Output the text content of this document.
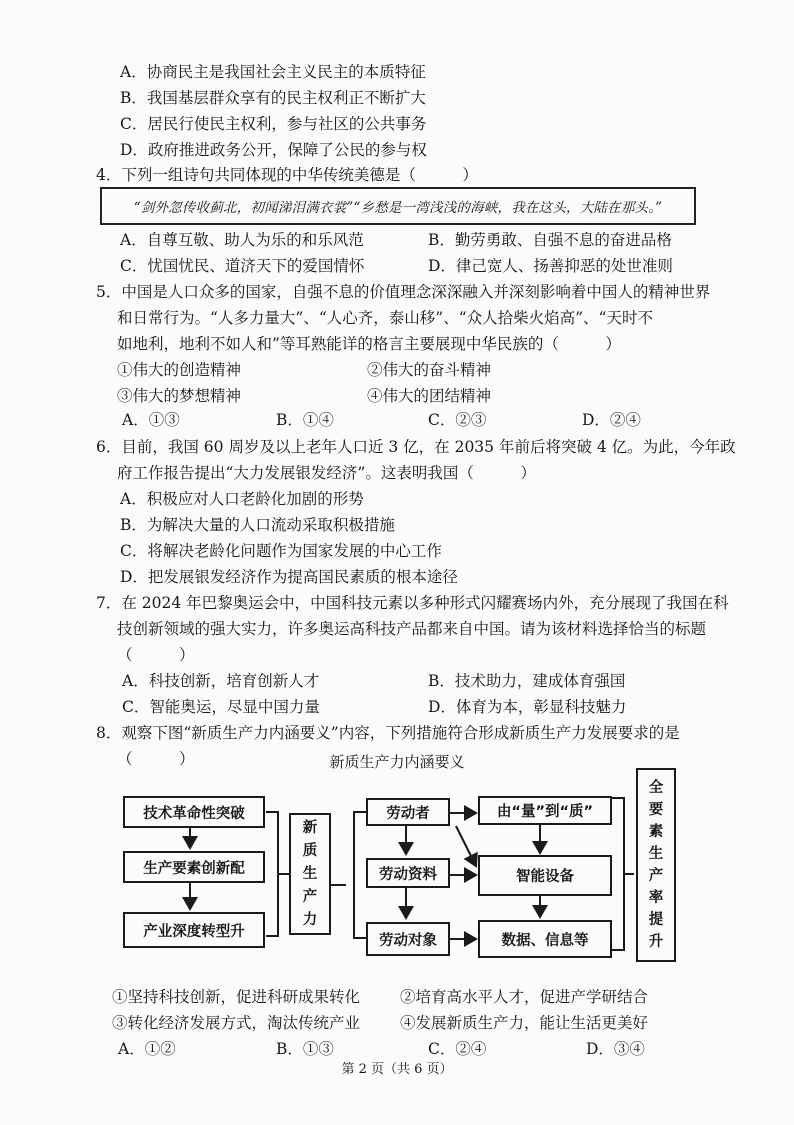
A．协商民主是我国社会主义民主的本质特征
B．我国基层群众享有的民主权利正不断扩大
C．居民行使民主权利，参与社区的公共事务
D．政府推进政务公开，保障了公民的参与权
4．下列一组诗句共同体现的中华传统美德是（　　　）
“剑外忽传收蓟北，初闻涕泪满衣裳”“乡愁是一湾浅浅的海峡，我在这头，大陆在那头。”
A．自尊互敬、助人为乐的和乐风范	B．勤劳勇敢、自强不息的奋进品格
C．忧国忧民、道济天下的爱国情怀	D．律己宽人、扬善抑恶的处世准则
5．中国是人口众多的国家，自强不息的价值理念深深融入并深刻影响着中国人的精神世界
和日常行为。“人多力量大”、“人心齐，泰山移”、“众人拾柴火焰高”、“天时不
如地利，地利不如人和”等耳熟能详的格言主要展现中华民族的（　　　）
①伟大的创造精神	②伟大的奋斗精神
③伟大的梦想精神	④伟大的团结精神
A．①③	B．①④	C．②③	D．②④
6．目前，我国 60 周岁及以上老年人口近 3 亿，在 2035 年前后将突破 4 亿。为此，今年政
府工作报告提出“大力发展银发经济”。这表明我国（　　　）
A．积极应对人口老龄化加剧的形势
B．为解决大量的人口流动采取积极措施
C．将解决老龄化问题作为国家发展的中心工作
D．把发展银发经济作为提高国民素质的根本途径
7．在 2024 年巴黎奥运会中，中国科技元素以多种形式闪耀赛场内外，充分展现了我国在科
技创新领域的强大实力，许多奥运高科技产品都来自中国。请为该材料选择恰当的标题
（　　　）
A．科技创新，培育创新人才	B．技术助力，建成体育强国
C．智能奥运，尽显中国力量	D．体育为本，彰显科技魅力
8．观察下图“新质生产力内涵要义”内容，下列措施符合形成新质生产力发展要求的是
（　　　）	新质生产力内涵要义
技术革命性突破
生产要素创新配
产业深度转型升
新
质
生
产
力
劳动者
劳动资料
劳动对象
由“量”到“质”
智能设备
数据、信息等
全
要
素
生
产
率
提
升
①坚持科技创新，促进科研成果转化	②培育高水平人才，促进产学研结合
③转化经济发展方式，淘汰传统产业	④发展新质生产力，能让生活更美好
A．①②	B．①③	C．②④	D．③④
第 2 页（共 6 页）
